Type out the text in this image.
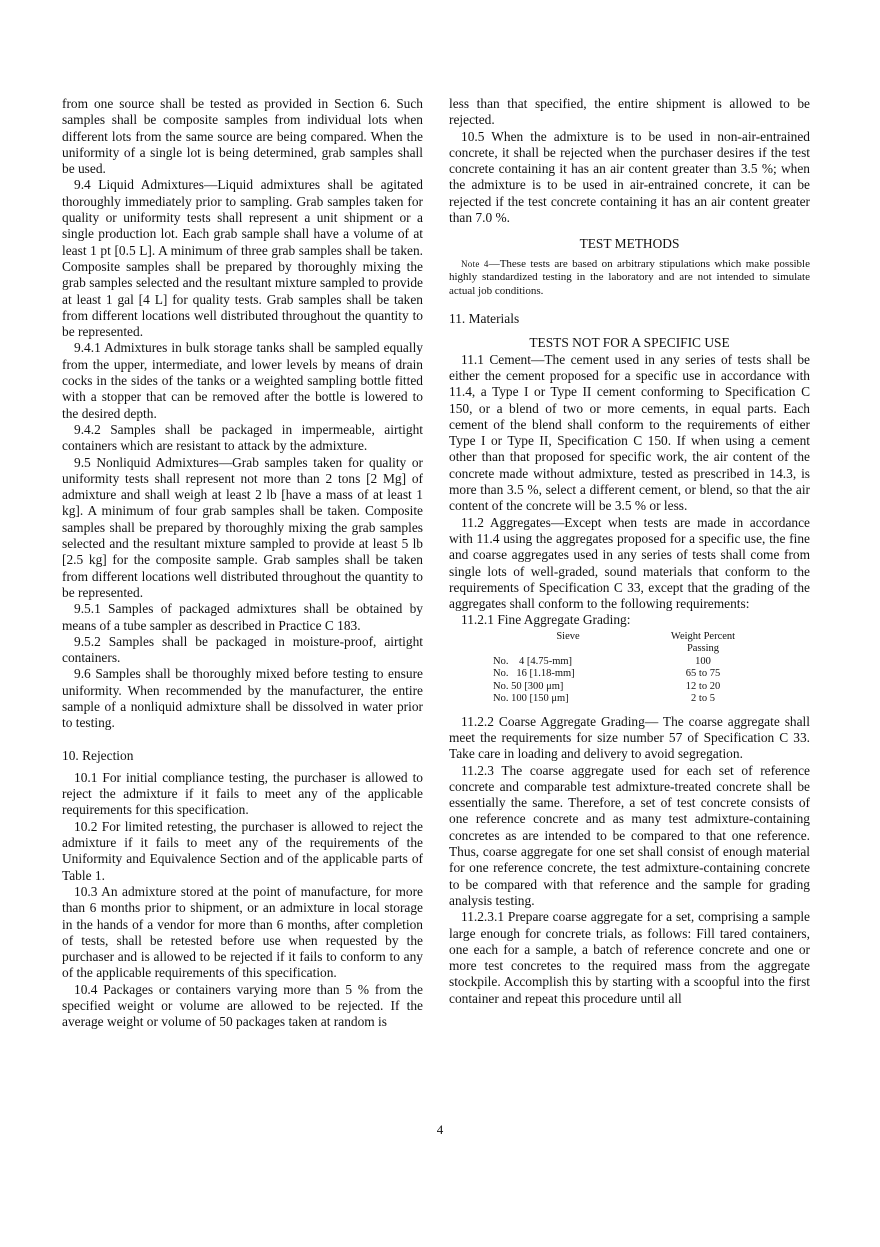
from one source shall be tested as provided in Section 6. Such samples shall be composite samples from individual lots when different lots from the same source are being compared. When the uniformity of a single lot is being determined, grab samples shall be used.

9.4 Liquid Admixtures—Liquid admixtures shall be agitated thoroughly immediately prior to sampling. Grab samples taken for quality or uniformity tests shall represent a unit shipment or a single production lot. Each grab sample shall have a volume of at least 1 pt [0.5 L]. A minimum of three grab samples shall be taken. Composite samples shall be prepared by thoroughly mixing the grab samples selected and the resultant mixture sampled to provide at least 1 gal [4 L] for quality tests. Grab samples shall be taken from different locations well distributed throughout the quantity to be represented.

9.4.1 Admixtures in bulk storage tanks shall be sampled equally from the upper, intermediate, and lower levels by means of drain cocks in the sides of the tanks or a weighted sampling bottle fitted with a stopper that can be removed after the bottle is lowered to the desired depth.

9.4.2 Samples shall be packaged in impermeable, airtight containers which are resistant to attack by the admixture.

9.5 Nonliquid Admixtures—Grab samples taken for quality or uniformity tests shall represent not more than 2 tons [2 Mg] of admixture and shall weigh at least 2 lb [have a mass of at least 1 kg]. A minimum of four grab samples shall be taken. Composite samples shall be prepared by thoroughly mixing the grab samples selected and the resultant mixture sampled to provide at least 5 lb [2.5 kg] for the composite sample. Grab samples shall be taken from different locations well distributed throughout the quantity to be represented.

9.5.1 Samples of packaged admixtures shall be obtained by means of a tube sampler as described in Practice C 183.

9.5.2 Samples shall be packaged in moisture-proof, airtight containers.

9.6 Samples shall be thoroughly mixed before testing to ensure uniformity. When recommended by the manufacturer, the entire sample of a nonliquid admixture shall be dissolved in water prior to testing.

10. Rejection

10.1 For initial compliance testing, the purchaser is allowed to reject the admixture if it fails to meet any of the applicable requirements for this specification.

10.2 For limited retesting, the purchaser is allowed to reject the admixture if it fails to meet any of the requirements of the Uniformity and Equivalence Section and of the applicable parts of Table 1.

10.3 An admixture stored at the point of manufacture, for more than 6 months prior to shipment, or an admixture in local storage in the hands of a vendor for more than 6 months, after completion of tests, shall be retested before use when requested by the purchaser and is allowed to be rejected if it fails to conform to any of the applicable requirements of this specification.

10.4 Packages or containers varying more than 5 % from the specified weight or volume are allowed to be rejected. If the average weight or volume of 50 packages taken at random is

less than that specified, the entire shipment is allowed to be rejected.

10.5 When the admixture is to be used in non-air-entrained concrete, it shall be rejected when the purchaser desires if the test concrete containing it has an air content greater than 3.5 %; when the admixture is to be used in air-entrained concrete, it can be rejected if the test concrete containing it has an air content greater than 7.0 %.

TEST METHODS

Note 4—These tests are based on arbitrary stipulations which make possible highly standardized testing in the laboratory and are not intended to simulate actual job conditions.

11. Materials

TESTS NOT FOR A SPECIFIC USE

11.1 Cement—The cement used in any series of tests shall be either the cement proposed for a specific use in accordance with 11.4, a Type I or Type II cement conforming to Specification C 150, or a blend of two or more cements, in equal parts. Each cement of the blend shall conform to the requirements of either Type I or Type II, Specification C 150. If when using a cement other than that proposed for specific work, the air content of the concrete made without admixture, tested as prescribed in 14.3, is more than 3.5 %, select a different cement, or blend, so that the air content of the concrete will be 3.5 % or less.

11.2 Aggregates—Except when tests are made in accordance with 11.4 using the aggregates proposed for a specific use, the fine and coarse aggregates used in any series of tests shall come from single lots of well-graded, sound materials that conform to the requirements of Specification C 33, except that the grading of the aggregates shall conform to the following requirements:

11.2.1 Fine Aggregate Grading:

Sieve	Weight Percent
	Passing
No.    4 [4.75-mm]	100
No.   16 [1.18-mm]	65 to 75
No. 50 [300 μm]	12 to 20
No. 100 [150 μm]	2 to 5

11.2.2 Coarse Aggregate Grading— The coarse aggregate shall meet the requirements for size number 57 of Specification C 33. Take care in loading and delivery to avoid segregation.

11.2.3 The coarse aggregate used for each set of reference concrete and comparable test admixture-treated concrete shall be essentially the same. Therefore, a set of test concrete consists of one reference concrete and as many test admixture-containing concretes as are intended to be compared to that one reference. Thus, coarse aggregate for one set shall consist of enough material for one reference concrete, the test admixture-containing concrete to be compared with that reference and the sample for grading analysis testing.

11.2.3.1 Prepare coarse aggregate for a set, comprising a sample large enough for concrete trials, as follows: Fill tared containers, one each for a sample, a batch of reference concrete and one or more test concretes to the required mass from the aggregate stockpile. Accomplish this by starting with a scoopful into the first container and repeat this procedure until all

4
